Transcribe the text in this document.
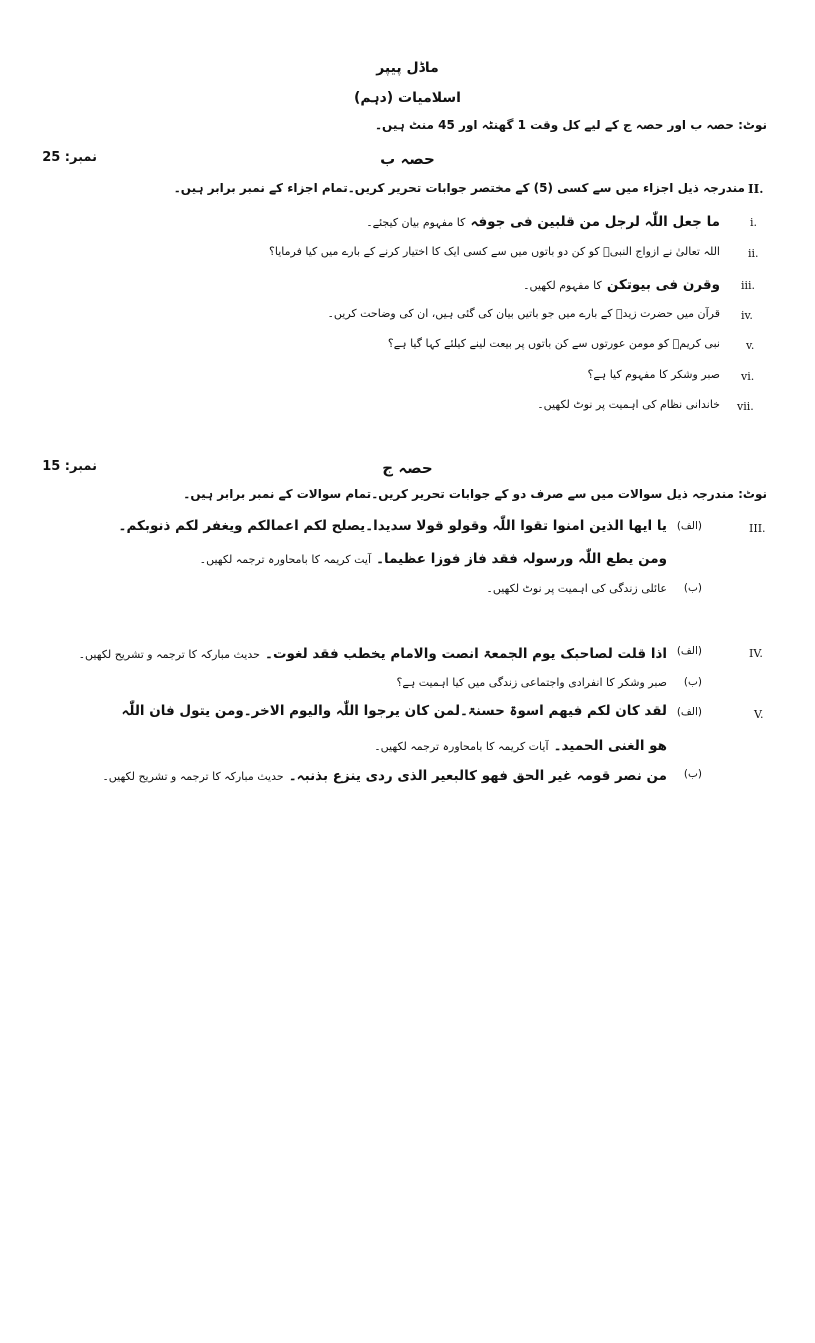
ماڈل پیپر
اسلامیات (دہم)
نوٹ: حصہ ب اور حصہ ج کے لیے کل وقت 1 گھنٹہ اور 45 منٹ ہیں۔
حصہ ب
نمبر: 25
مندرجہ ذیل اجزاء میں سے کسی (5) کے مختصر جوابات تحریر کریں۔تمام اجزاء کے نمبر برابر ہیں۔ II.
i.
ما جعل اللّٰہ لرجل من قلبین فی جوفہ کا مفہوم بیان کیجئے۔
ii.
اللہ تعالیٰ نے ازواج النبیؐ کو کن دو باتوں میں سے کسی ایک کا اختیار کرنے کے بارے میں کیا فرمایا؟
iii.
وقرن فی بیوتکن کا مفہوم لکھیں۔
iv.
قرآن میں حضرت زیدؓ کے بارے میں جو باتیں بیان کی گئی ہیں، ان کی وضاحت کریں۔
v.
نبی کریمؐ کو مومن عورتوں سے کن باتوں پر بیعت لینے کیلئے کہا گیا ہے؟
vi.
صبر وشکر کا مفہوم کیا ہے؟
vii.
خاندانی نظام کی اہمیت پر نوٹ لکھیں۔
حصہ ج
نمبر: 15
نوٹ: مندرجہ ذیل سوالات میں سے صرف دو کے جوابات تحریر کریں۔تمام سوالات کے نمبر برابر ہیں۔
III.
(الف)
یا ایھا الذین امنوا تقوا اللّٰہ وقولو قولا سدیدا۔یصلح لکم اعمالکم ویغفر لکم ذنوبکم۔
ومن یطع اللّٰہ ورسولہ فقد فاز فوزا عظیما۔ آیت کریمہ کا بامحاورہ ترجمہ لکھیں۔
(ب)
عائلی زندگی کی اہمیت پر نوٹ لکھیں۔
IV.
(الف)
اذا قلت لصاحبک یوم الجمعۃ انصت والامام یخطب فقد لغوت۔ حدیث مبارکہ کا ترجمہ و تشریح لکھیں۔
(ب)
صبر وشکر کا انفرادی واجتماعی زندگی میں کیا اہمیت ہے؟
V.
(الف)
لقد کان لکم فیھم اسوۃ حسنۃ۔لمن کان یرجوا اللّٰہ والیوم الاخر۔ومن یتول فان اللّٰہ
ھو الغنی الحمید۔ آیات کریمہ کا بامحاورہ ترجمہ لکھیں۔
(ب)
من نصر قومہ غیر الحق فھو کالبعیر الذی ردی ینزع بذنبہ۔ حدیث مبارکہ کا ترجمہ و تشریح لکھیں۔
